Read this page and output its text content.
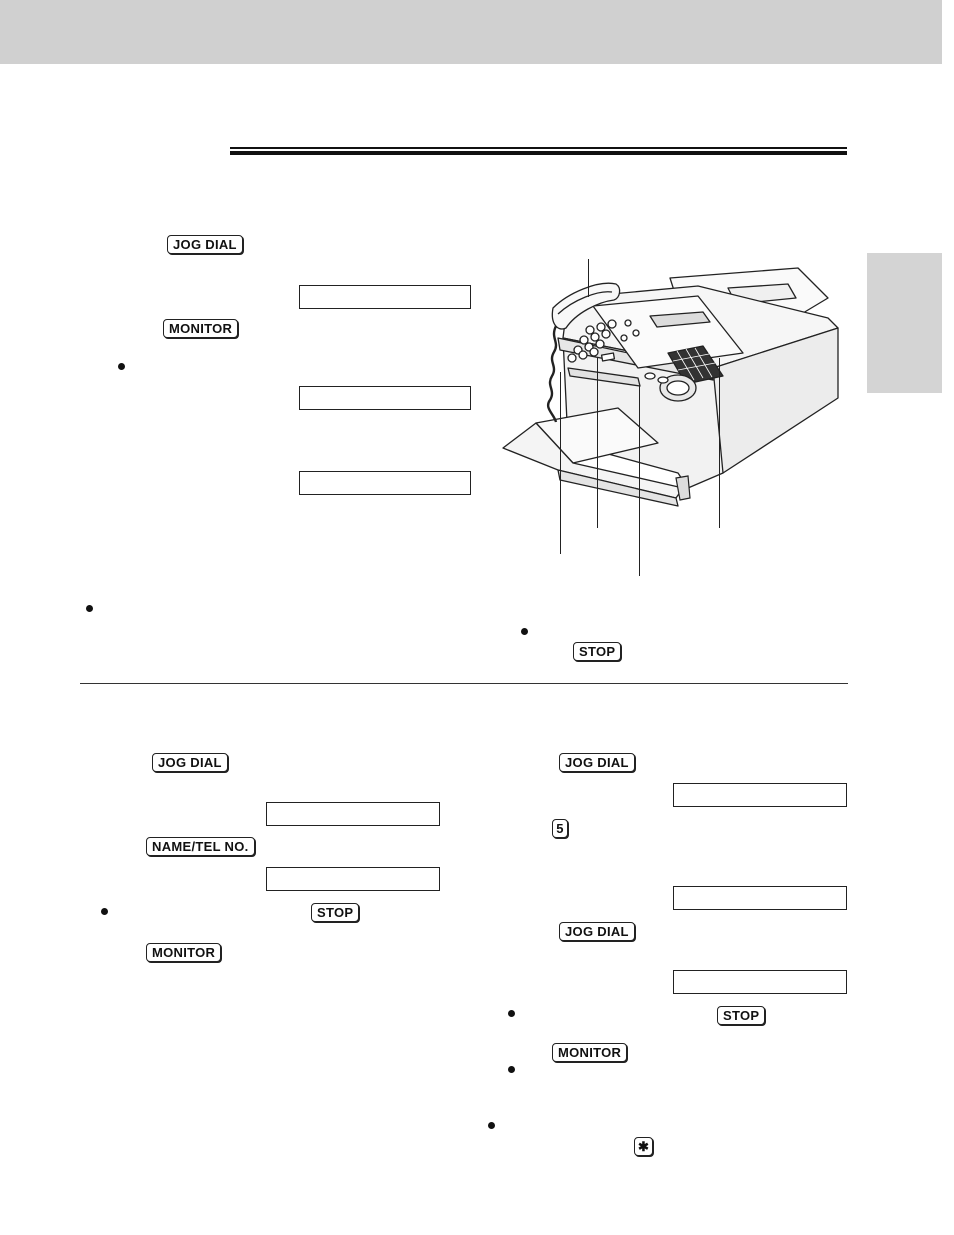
JOG DIAL
MONITOR
STOP
JOG DIAL
NAME/TEL NO.
STOP
MONITOR
JOG DIAL
5
JOG DIAL
STOP
MONITOR
✱
